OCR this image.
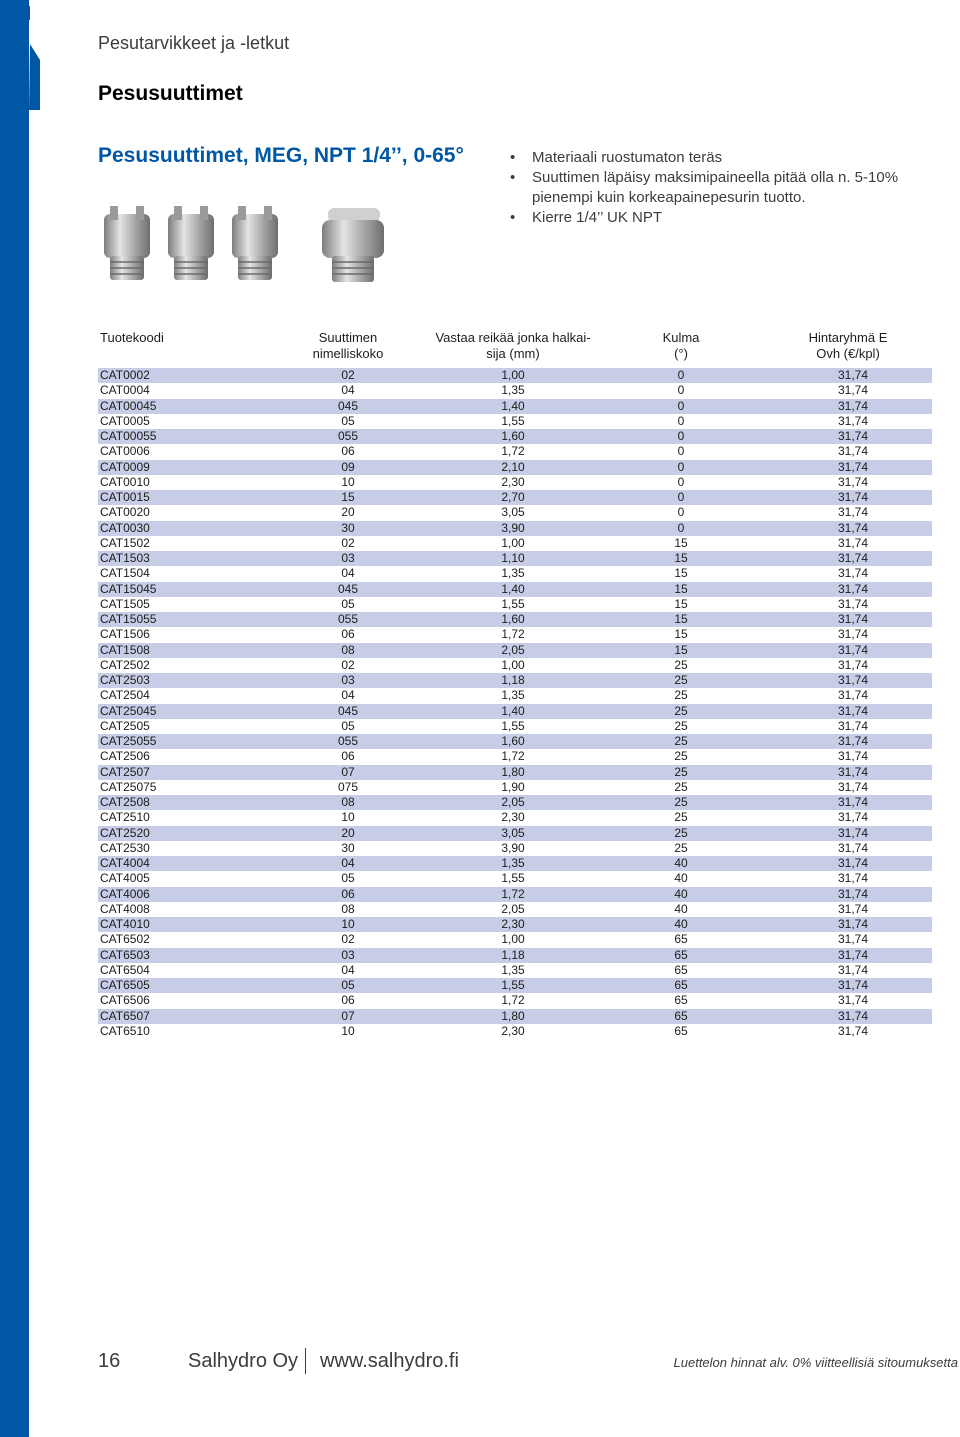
Pesutarvikkeet ja -letkut
Pesusuuttimet
Pesusuuttimet, MEG, NPT 1/4’’, 0-65°
•	Materiaali ruostumaton teräs
• Suuttimen läpäisy maksimipaineella pitää olla n. 5-10% pienempi kuin korkeapainepesurin tuotto.
• Kierre 1/4’’ UK NPT
Tuotekoodi	Suuttimen
nimelliskoko
Vastaa reikää jonka halkai-
sija (mm)
Kulma
(°)
Hintaryhmä E
Ovh (€/kpl)
CAT0002	02	1,00	0	31,74
CAT0004	04	1,35	0	31,74
CAT00045	045	1,40	0	31,74
CAT0005	05	1,55	0	31,74
CAT00055	055	1,60	0	31,74
CAT0006	06	1,72	0	31,74
CAT0009	09	2,10	0	31,74
CAT0010	10	2,30	0	31,74
CAT0015	15	2,70	0	31,74
CAT0020	20	3,05	0	31,74
CAT0030	30	3,90	0	31,74
CAT1502	02	1,00	15	31,74
CAT1503	03	1,10	15	31,74
CAT1504	04	1,35	15	31,74
CAT15045	045	1,40	15	31,74
CAT1505	05	1,55	15	31,74
CAT15055	055	1,60	15	31,74
CAT1506	06	1,72	15	31,74
CAT1508	08	2,05	15	31,74
CAT2502	02	1,00	25	31,74
CAT2503	03	1,18	25	31,74
CAT2504	04	1,35	25	31,74
CAT25045	045	1,40	25	31,74
CAT2505	05	1,55	25	31,74
CAT25055	055	1,60	25	31,74
CAT2506	06	1,72	25	31,74
CAT2507	07	1,80	25	31,74
CAT25075	075	1,90	25	31,74
CAT2508	08	2,05	25	31,74
CAT2510	10	2,30	25	31,74
CAT2520	20	3,05	25	31,74
CAT2530	30	3,90	25	31,74
CAT4004	04	1,35	40	31,74
CAT4005	05	1,55	40	31,74
CAT4006	06	1,72	40	31,74
CAT4008	08	2,05	40	31,74
CAT4010	10	2,30	40	31,74
CAT6502	02	1,00	65	31,74
CAT6503	03	1,18	65	31,74
CAT6504	04	1,35	65	31,74
CAT6505	05	1,55	65	31,74
CAT6506	06	1,72	65	31,74
CAT6507	07	1,80	65	31,74
CAT6510	10	2,30	65	31,74
16	Salhydro Oy www.salhydro.fi	Luettelon hinnat alv. 0% viitteellisiä sitoumuksetta
